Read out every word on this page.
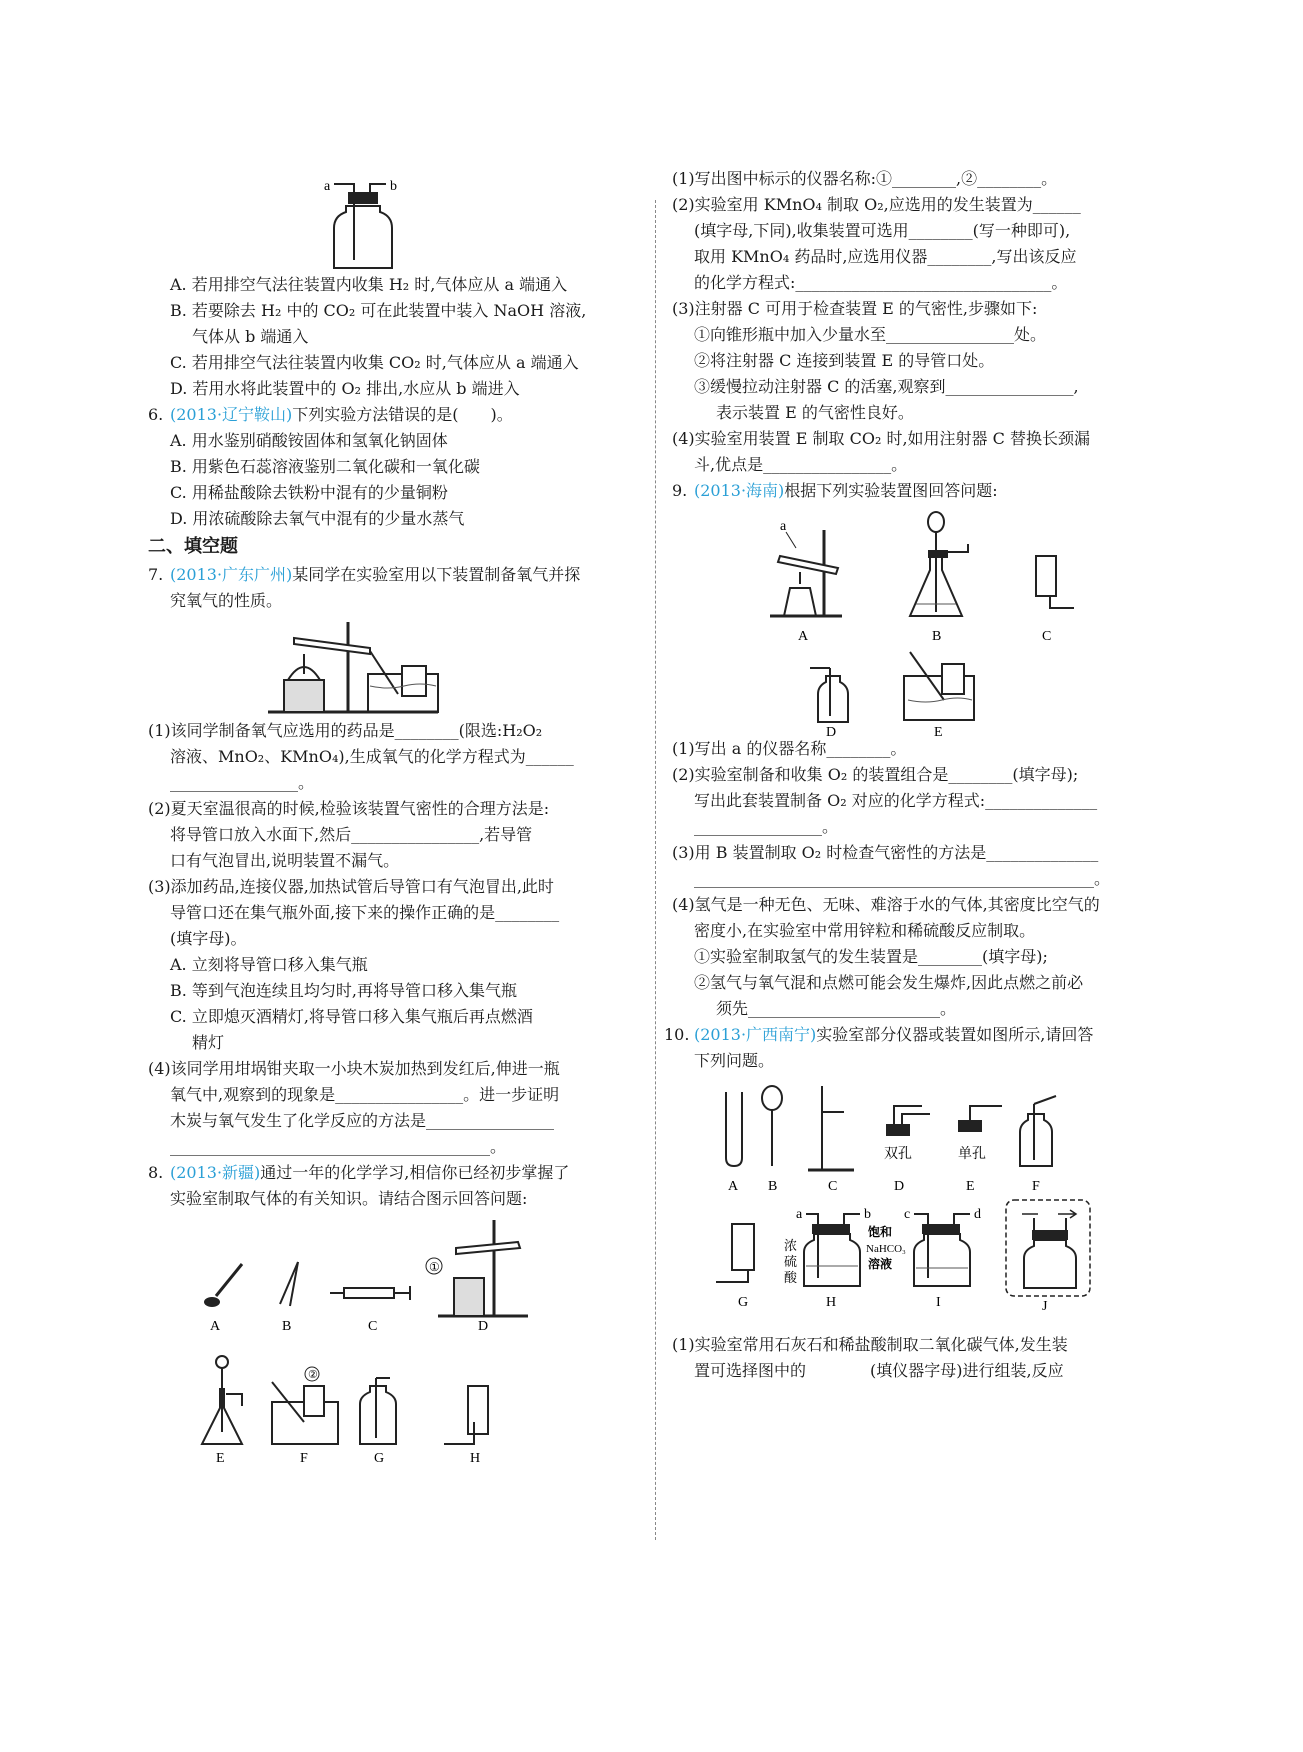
a	b
A. 若用排空气法往装置内收集 H₂ 时,气体应从 a 端通入
B. 若要除去 H₂ 中的 CO₂ 可在此装置中装入 NaOH 溶液,
气体从 b 端通入
C. 若用排空气法往装置内收集 CO₂ 时,气体应从 a 端通入
D. 若用水将此装置中的 O₂ 排出,水应从 b 端进入
6. (2013·辽宁鞍山)下列实验方法错误的是(　　)。
A. 用水鉴别硝酸铵固体和氢氧化钠固体
B. 用紫色石蕊溶液鉴别二氧化碳和一氧化碳
C. 用稀盐酸除去铁粉中混有的少量铜粉
D. 用浓硫酸除去氧气中混有的少量水蒸气
二、填空题
7. (2013·广东广州)某同学在实验室用以下装置制备氧气并探
究氧气的性质。
(1)该同学制备氧气应选用的药品是________(限选:H₂O₂
溶液、MnO₂、KMnO₄),生成氧气的化学方程式为______
________________。
(2)夏天室温很高的时候,检验该装置气密性的合理方法是:
将导管口放入水面下,然后________________,若导管
口有气泡冒出,说明装置不漏气。
(3)添加药品,连接仪器,加热试管后导管口有气泡冒出,此时
导管口还在集气瓶外面,接下来的操作正确的是________
(填字母)。
A. 立刻将导管口移入集气瓶
B. 等到气泡连续且均匀时,再将导管口移入集气瓶
C. 立即熄灭酒精灯,将导管口移入集气瓶后再点燃酒
精灯
(4)该同学用坩埚钳夹取一小块木炭加热到发红后,伸进一瓶
氧气中,观察到的现象是________________。进一步证明
木炭与氧气发生了化学反应的方法是________________
________________________________________。
8. (2013·新疆)通过一年的化学学习,相信你已经初步掌握了
实验室制取气体的有关知识。请结合图示回答问题:
A	B	C
①
D
E
②
F	G	H
(1)写出图中标示的仪器名称:①________,②________。
(2)实验室用 KMnO₄ 制取 O₂,应选用的发生装置为______
(填字母,下同),收集装置可选用________(写一种即可),
取用 KMnO₄ 药品时,应选用仪器________,写出该反应
的化学方程式:________________________________。
(3)注射器 C 可用于检查装置 E 的气密性,步骤如下:
①向锥形瓶中加入少量水至________________处。
②将注射器 C 连接到装置 E 的导管口处。
③缓慢拉动注射器 C 的活塞,观察到________________,
表示装置 E 的气密性良好。
(4)实验室用装置 E 制取 CO₂ 时,如用注射器 C 替换长颈漏
斗,优点是________________。
9. (2013·海南)根据下列实验装置图回答问题:
a
A	B	C
D	E
(1)写出 a 的仪器名称________。
(2)实验室制备和收集 O₂ 的装置组合是________(填字母);
写出此套装置制备 O₂ 对应的化学方程式:______________
________________。
(3)用 B 装置制取 O₂ 时检查气密性的方法是______________
__________________________________________________。
(4)氢气是一种无色、无味、难溶于水的气体,其密度比空气的
密度小,在实验室中常用锌粒和稀硫酸反应制取。
①实验室制取氢气的发生装置是________(填字母);
②氢气与氧气混和点燃可能会发生爆炸,因此点燃之前必
须先________________________。
10. (2013·广西南宁)实验室部分仪器或装置如图所示,请回答
下列问题。
A B	C
双孔
D
单孔
E	F
G
a	b
浓
硫
酸
H
c	d
饱和
NaHCO₃
溶液
I	J
(1)实验室常用石灰石和稀盐酸制取二氧化碳气体,发生装
置可选择图中的　　　　(填仪器字母)进行组装,反应
